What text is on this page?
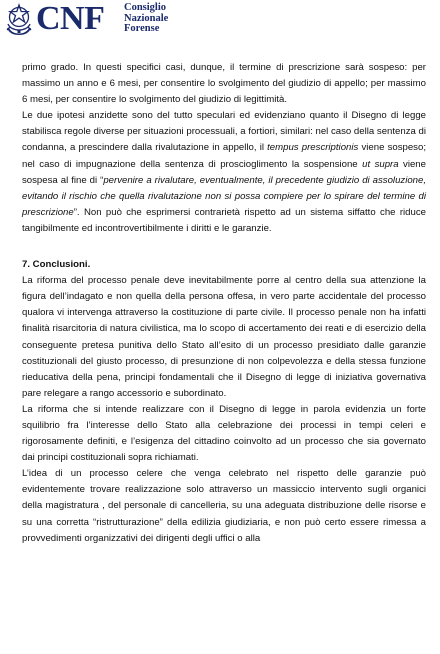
CNF Consiglio
Nazionale
Forense

primo grado. In questi specifici casi, dunque, il termine di prescrizione sarà sospeso: per massimo un anno e 6 mesi, per consentire lo svolgimento del giudizio di appello; per massimo 6 mesi, per consentire lo svolgimento del giudizio di legittimità.

Le due ipotesi anzidette sono del tutto speculari ed evidenziano quanto il Disegno di legge stabilisca regole diverse per situazioni processuali, a fortiori, similari: nel caso della sentenza di condanna, a prescindere dalla rivalutazione in appello, il tempus prescriptionis viene sospeso; nel caso di impugnazione della sentenza di proscioglimento la sospensione ut supra viene sospesa al fine di “pervenire a rivalutare, eventualmente, il precedente giudizio di assoluzione, evitando il rischio che quella rivalutazione non si possa compiere per lo spirare del termine di prescrizione”. Non può che esprimersi contrarietà rispetto ad un sistema siffatto che riduce tangibilmente ed incontrovertibilmente i diritti e le garanzie.

7. Conclusioni.

La riforma del processo penale deve inevitabilmente porre al centro della sua attenzione la figura dell’indagato e non quella della persona offesa, in vero parte accidentale del processo qualora vi intervenga attraverso la costituzione di parte civile. Il processo penale non ha infatti finalità risarcitoria di natura civilistica, ma lo scopo di accertamento dei reati e di esercizio della conseguente pretesa punitiva dello Stato all’esito di un processo presidiato dalle garanzie costituzionali del giusto processo, di presunzione di non colpevolezza e della stessa funzione rieducativa della pena, principi fondamentali che il Disegno di legge di iniziativa governativa pare relegare a rango accessorio e subordinato.

La riforma che si intende realizzare con il Disegno di legge in parola evidenzia un forte squilibrio fra l’interesse dello Stato alla celebrazione dei processi in tempi celeri e rigorosamente definiti, e l’esigenza del cittadino coinvolto ad un processo che sia governato dai principi costituzionali sopra richiamati.

L’idea di un processo celere che venga celebrato nel rispetto delle garanzie può evidentemente trovare realizzazione solo attraverso un massiccio intervento sugli organici della magistratura , del personale di cancelleria, su una adeguata distribuzione delle risorse e su una corretta “ristrutturazione” della edilizia giudiziaria, e non può certo essere rimessa a provvedimenti organizzativi dei dirigenti degli uffici o alla
